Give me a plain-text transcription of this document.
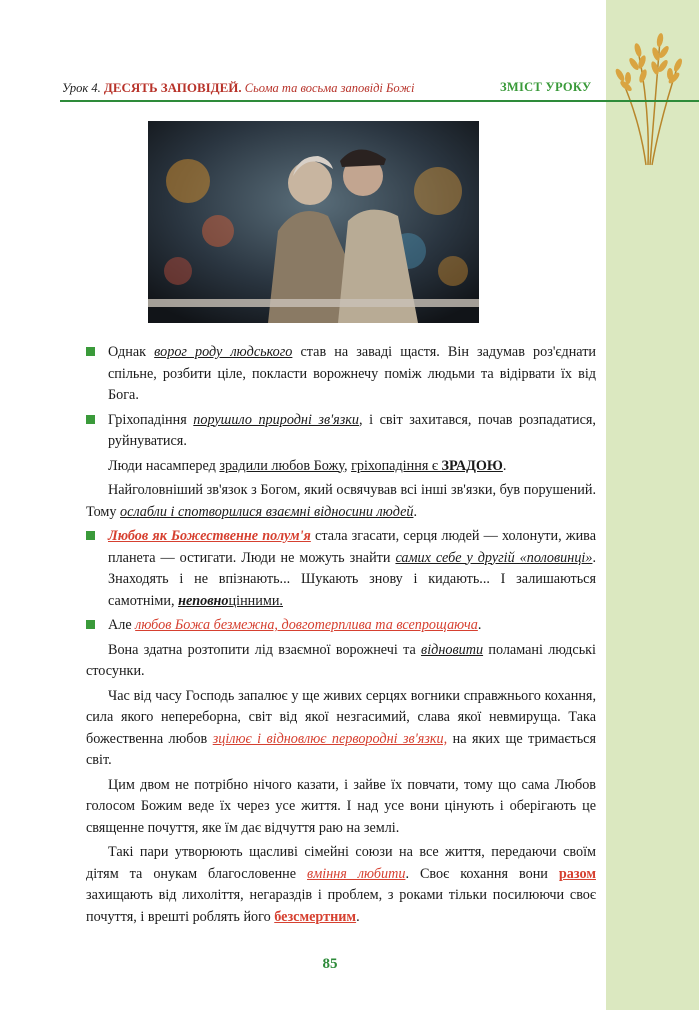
Урок 4. ДЕСЯТЬ ЗАПОВІДЕЙ. Сьома та восьма заповіді Божі	ЗМІСТ УРОКУ

Однак ворог роду людського став на заваді щастя. Він задумав роз'єднати спільне, розбити ціле, покласти ворожнечу поміж людьми та відірвати їх від Бога.

Гріхопадіння порушило природні зв'язки, і світ захитався, почав розпадатися, руйнуватися.

Люди насамперед зрадили любов Божу, гріхопадіння є ЗРАДОЮ.

Найголовніший зв'язок з Богом, який освячував всі інші зв'язки, був порушений. Тому ослабли і спотворилися взаємні відносини людей.

Любов як Божественне полум'я стала згасати, серця людей — холонути, жива планета — остигати. Люди не можуть знайти самих себе у другій «половинці». Знаходять і не впізнають... Шукають знову і кидають... І залишаються самотніми, неповноцінними.

Але любов Божа безмежна, довготерплива та всепрощаюча.

Вона здатна розтопити лід взаємної ворожнечі та відновити поламані людські стосунки.

Час від часу Господь запалює у ще живих серцях вогники справжнього кохання, сила якого непереборна, світ від якої незгасимий, слава якої невмируща. Така божественна любов зцілює і відновлює первородні зв'язки, на яких ще тримається світ.

Цим двом не потрібно нічого казати, і зайве їх повчати, тому що сама Любов голосом Божим веде їх через усе життя. І над усе вони цінують і оберігають це священне почуття, яке їм дає відчуття раю на землі.

Такі пари утворюють щасливі сімейні союзи на все життя, передаючи своїм дітям та онукам благословенне вміння любити. Своє кохання вони разом захищають від лихоліття, негараздів і проблем, з роками тільки посилюючи своє почуття, і врешті роблять його безсмертним.

85
